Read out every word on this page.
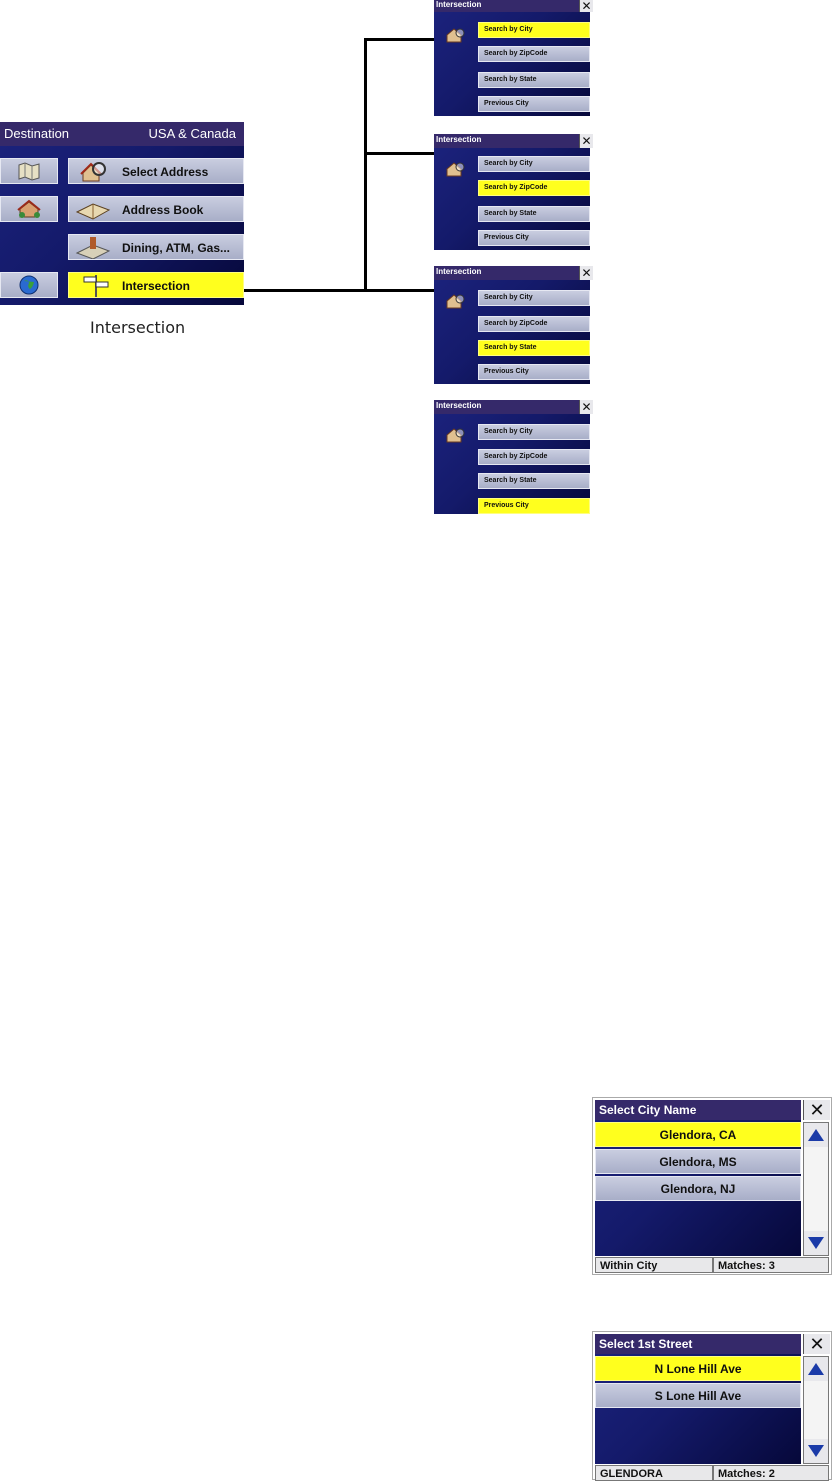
Destination	USA & Canada
Select Address
Address Book
Dining, ATM, Gas...
Intersection
Intersection
Intersection
Search by City
Search by ZipCode
Search by State
Previous City
✕
Intersection
Search by City
Search by ZipCode
Search by State
Previous City
✕
Intersection
Search by City
Search by ZipCode
Search by State
Previous City
✕
Intersection
Search by City
Search by ZipCode
Search by State
Previous City
✕
Select City Name
Glendora, CA
Glendora, MS
Glendora, NJ
✕
Within City	Matches: 3
Select 1st Street
N Lone Hill Ave
S Lone Hill Ave
✕
GLENDORA	Matches: 2
